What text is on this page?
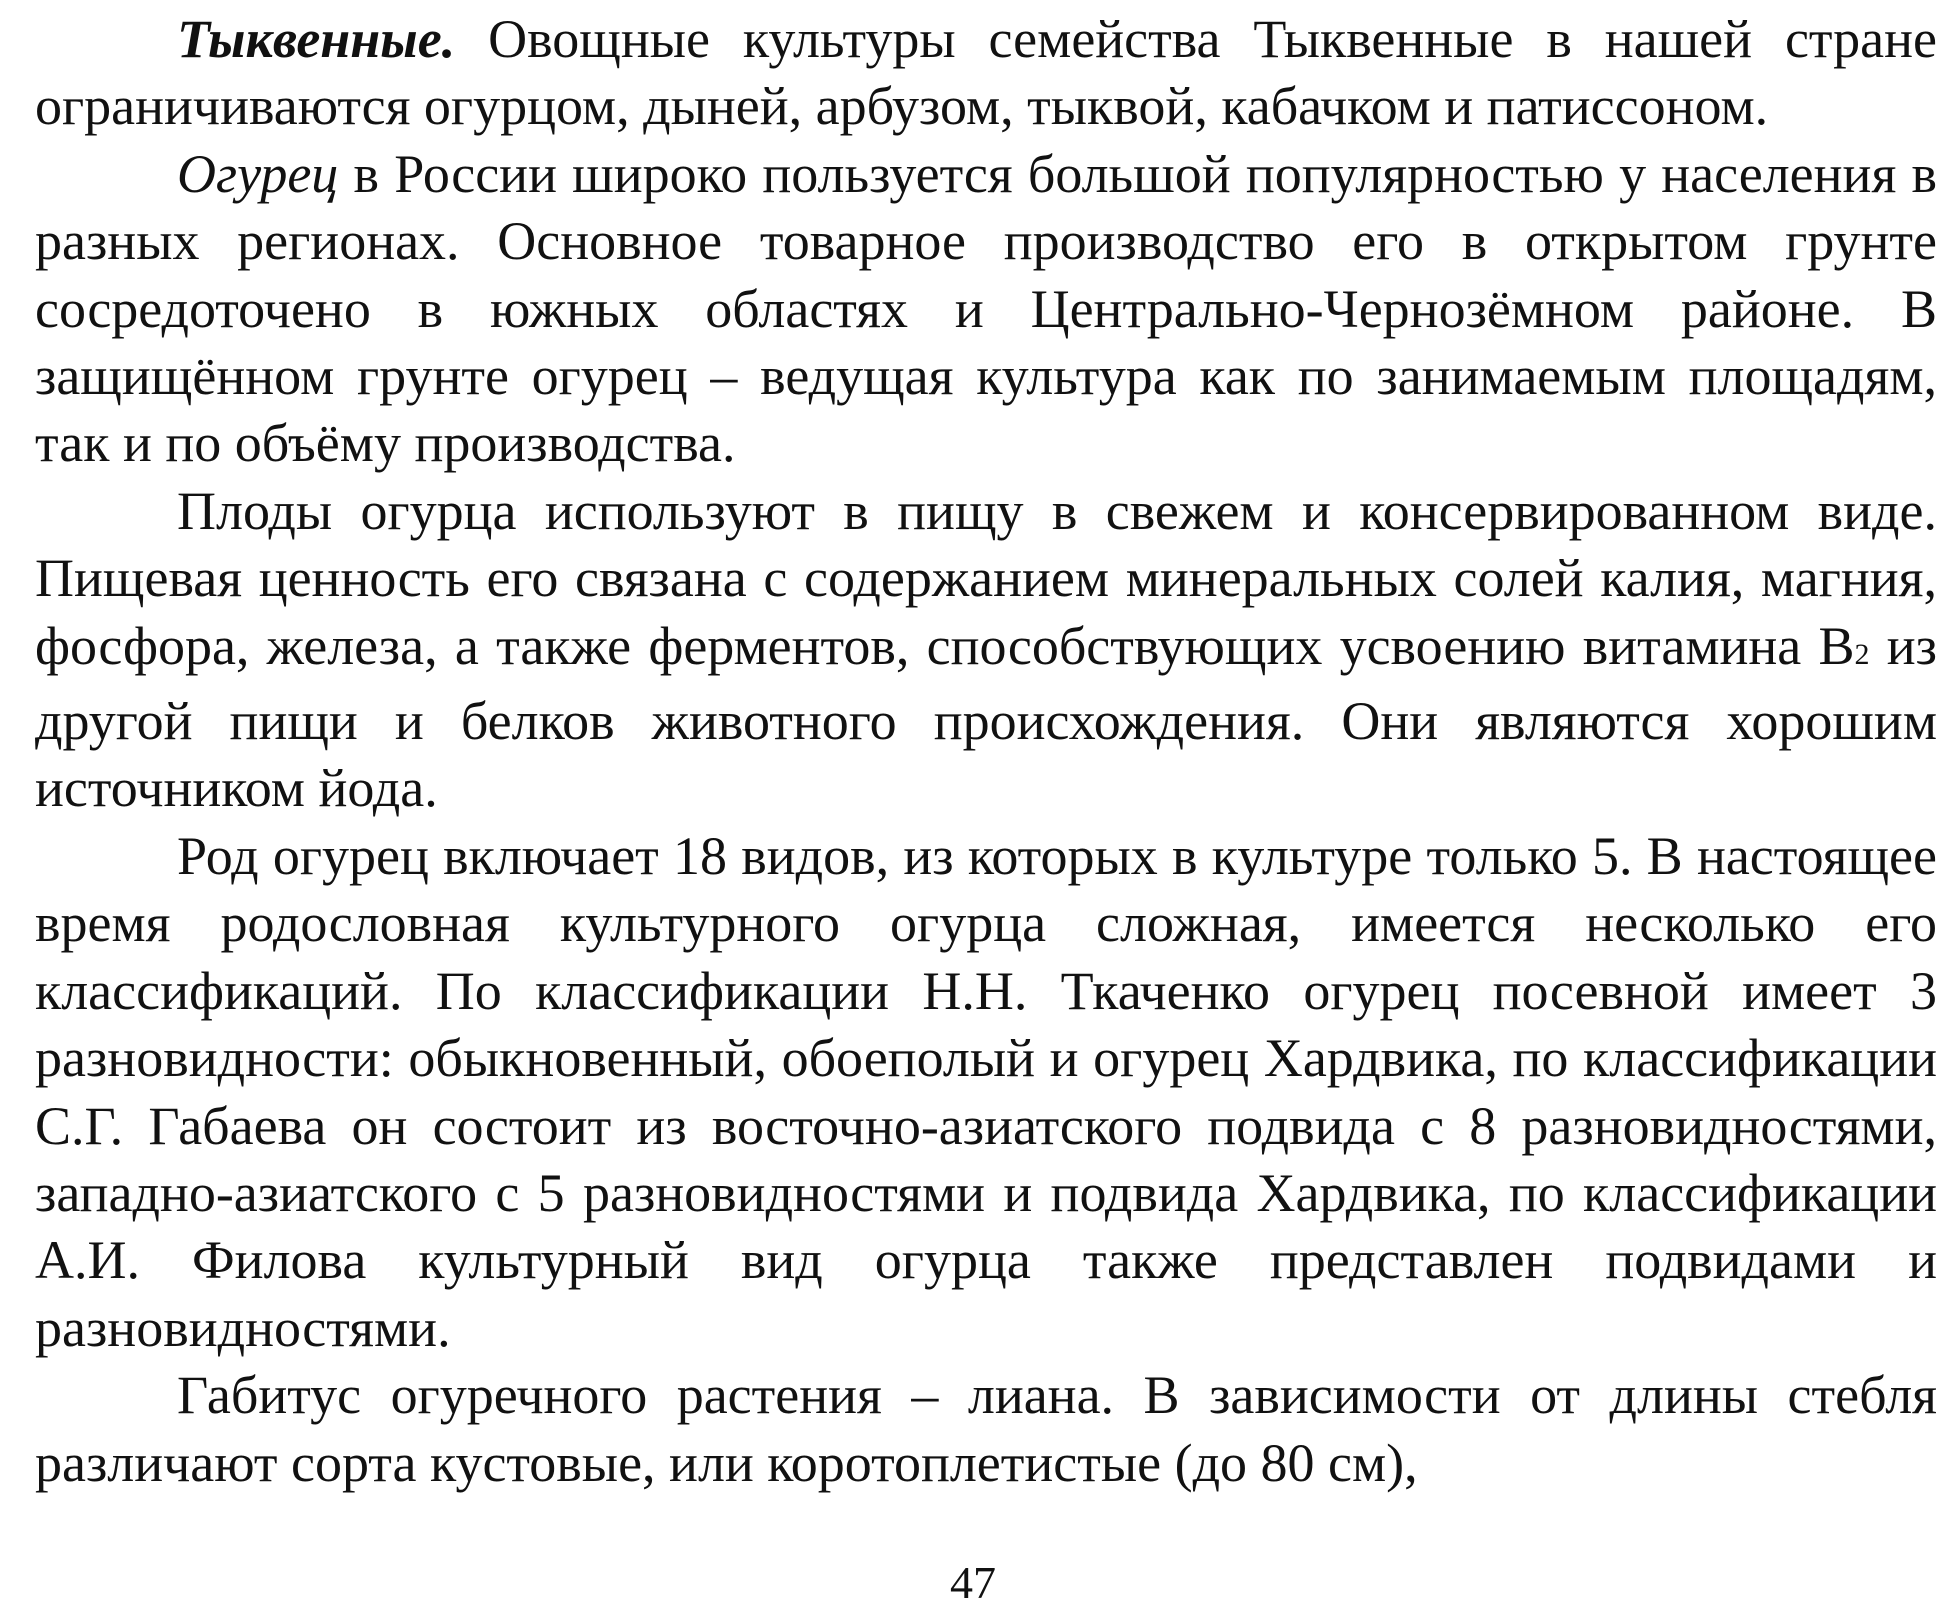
Тыквенные. Овощные культуры семейства Тыквенные в нашей стране ограничиваются огурцом, дыней, арбузом, тыквой, кабачком и патиссоном.

Огурец в России широко пользуется большой популярностью у населения в разных регионах. Основное товарное производство его в открытом грунте сосредоточено в южных областях и Центрально-Чернозёмном районе. В защищённом грунте огурец – ведущая культура как по занимаемым площадям, так и по объёму производства.

Плоды огурца используют в пищу в свежем и консервированном виде. Пищевая ценность его связана с содержанием минеральных солей калия, магния, фосфора, железа, а также ферментов, способствующих усвоению витамина В2 из другой пищи и белков животного происхождения. Они являются хорошим источником йода.

Род огурец включает 18 видов, из которых в культуре только 5. В настоящее время родословная культурного огурца сложная, имеется несколько его классификаций. По классификации Н.Н. Ткаченко огурец посевной имеет 3 разновидности: обыкновенный, обоеполый и огурец Хардвика, по классификации С.Г. Габаева он состоит из восточно-азиатского подвида с 8 разновидностями, западно-азиатского с 5 разновидностями и подвида Хардвика, по классификации А.И. Филова культурный вид огурца также представлен подвидами и разновидностями.

Габитус огуречного растения – лиана. В зависимости от длины стебля различают сорта кустовые, или коротоплетистые (до 80 см),

47
